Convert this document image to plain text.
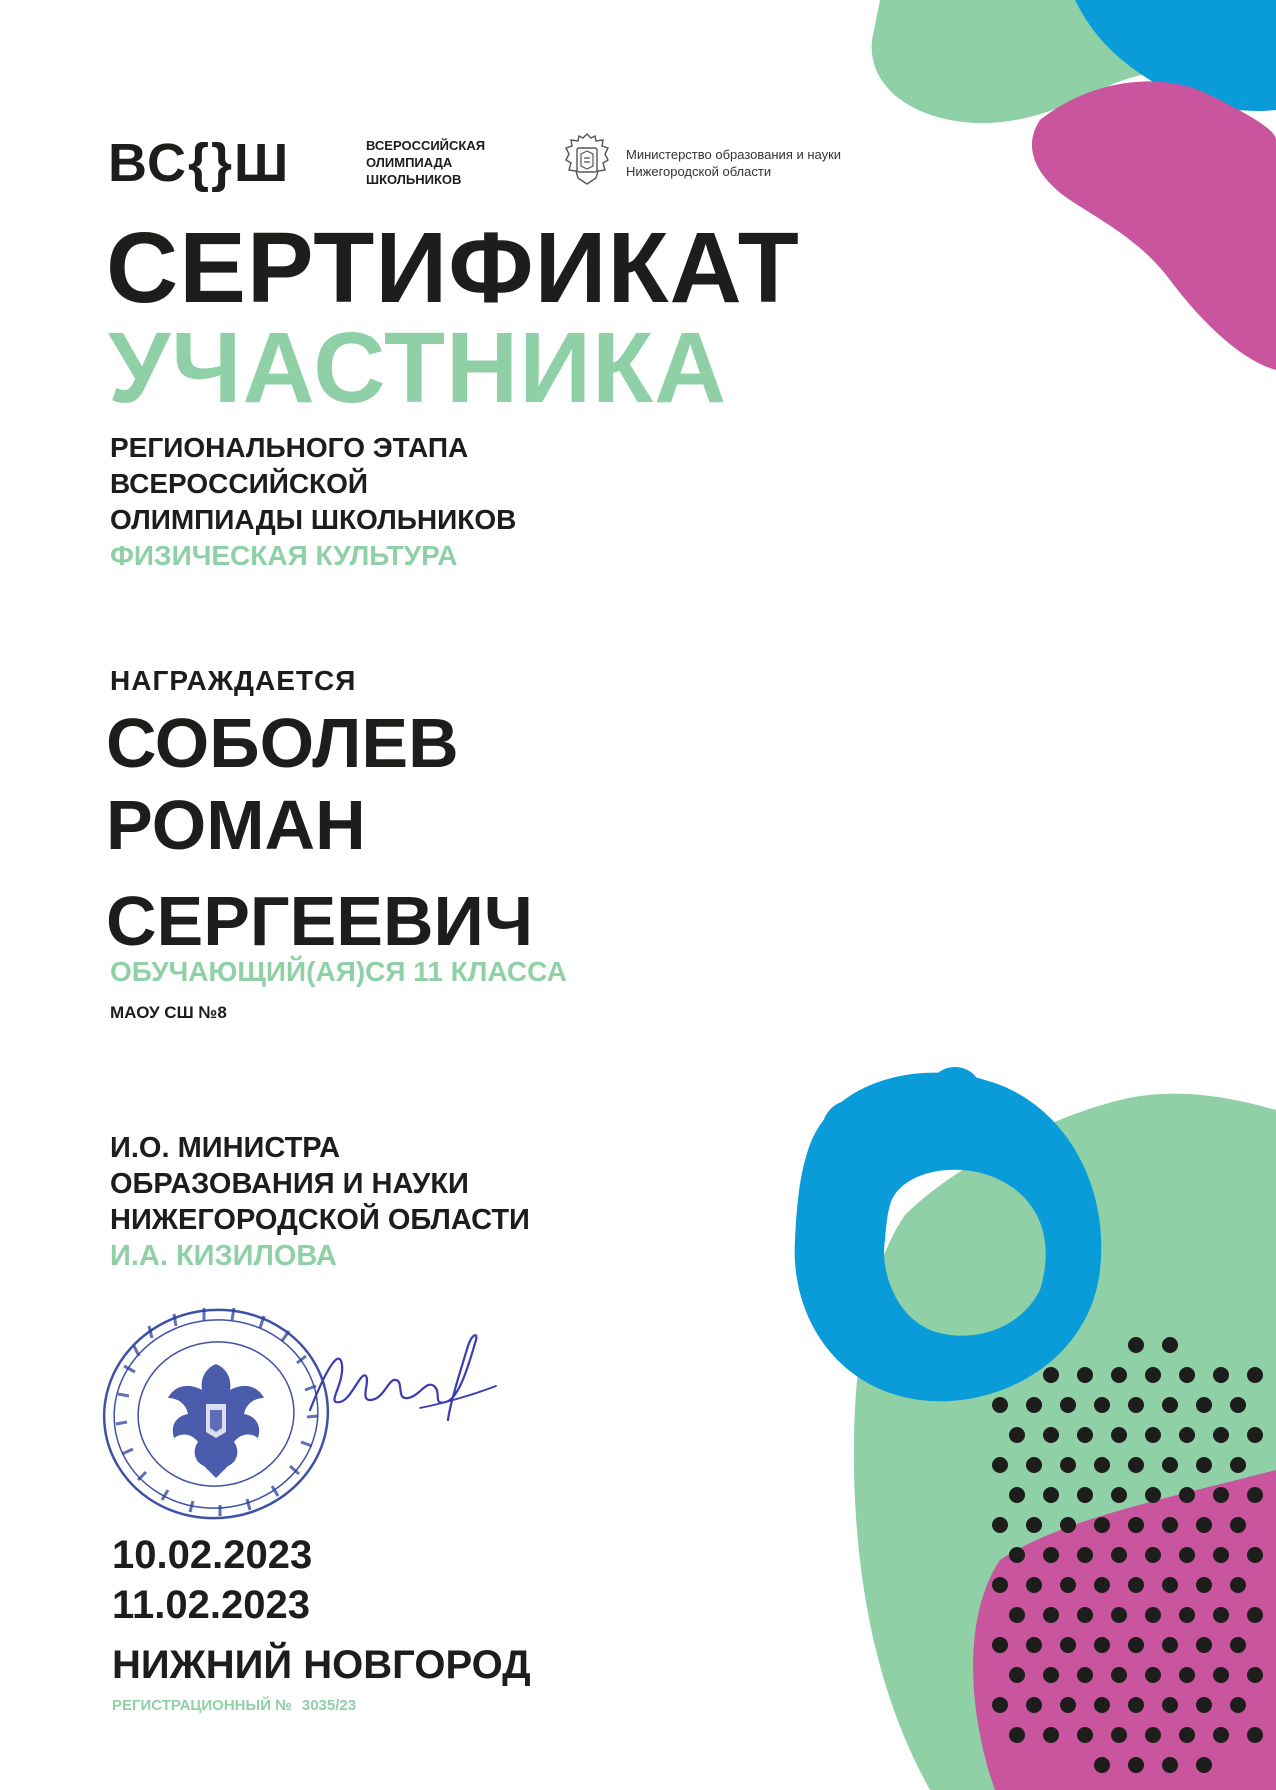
ВС{}Ш	ВСЕРОССИЙСКАЯ
ОЛИМПИАДА
ШКОЛЬНИКОВ
Министерство образования и науки
Нижегородской области
СЕРТИФИКАТ
УЧАСТНИКА
РЕГИОНАЛЬНОГО ЭТАПА
ВСЕРОССИЙСКОЙ
ОЛИМПИАДЫ ШКОЛЬНИКОВ
ФИЗИЧЕСКАЯ КУЛЬТУРА
НАГРАЖДАЕТСЯ
СОБОЛЕВ
РОМАН
СЕРГЕЕВИЧ
ОБУЧАЮЩИЙ(АЯ)СЯ 11 КЛАССА
МАОУ СШ №8
И.О. МИНИСТРА
ОБРАЗОВАНИЯ И НАУКИ
НИЖЕГОРОДСКОЙ ОБЛАСТИ
И.А. КИЗИЛОВА
10.02.2023
11.02.2023
НИЖНИЙ НОВГОРОД
РЕГИСТРАЦИОННЫЙ № 3035/23
